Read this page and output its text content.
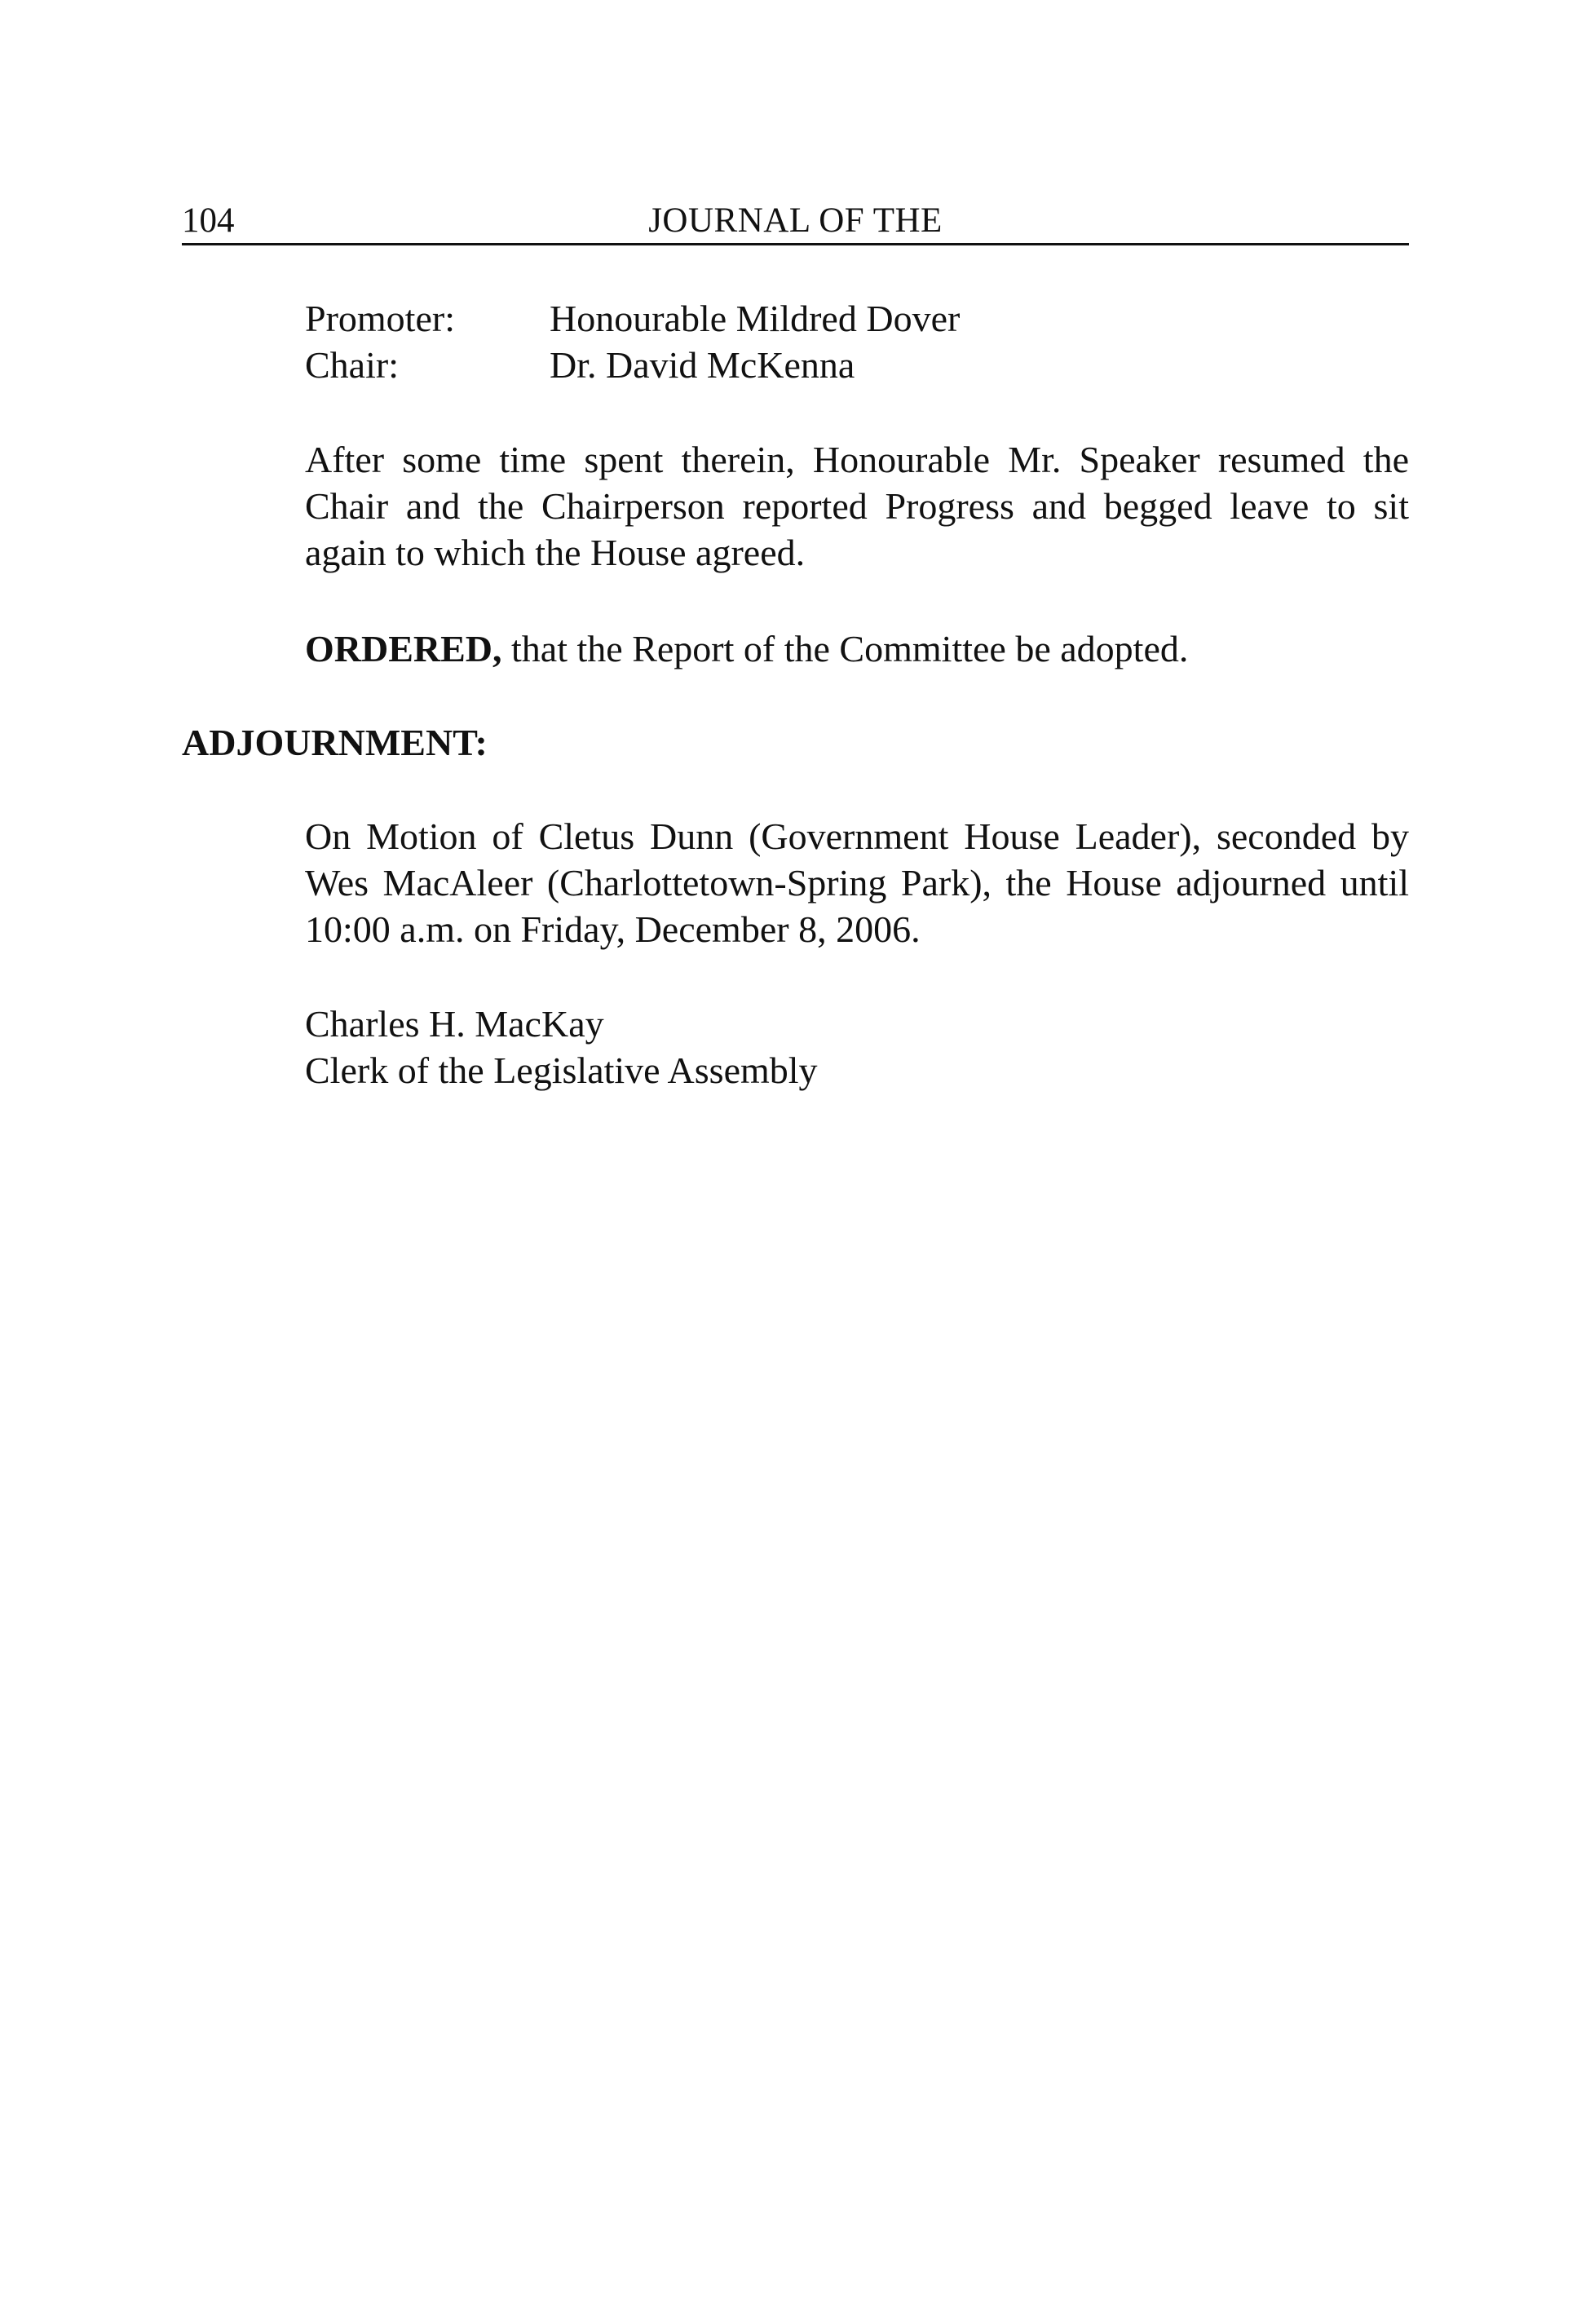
104	JOURNAL OF THE
Promoter:	Honourable Mildred Dover
Chair:	Dr. David McKenna

After some time spent therein, Honourable Mr. Speaker resumed the Chair and the Chairperson reported Progress and begged leave to sit again to which the House agreed.

ORDERED, that the Report of the Committee be adopted.

ADJOURNMENT:

On Motion of Cletus Dunn (Government House Leader), seconded by Wes MacAleer (Charlottetown-Spring Park), the House adjourned until 10:00 a.m. on Friday, December 8, 2006.

Charles H. MacKay
Clerk of the Legislative Assembly
